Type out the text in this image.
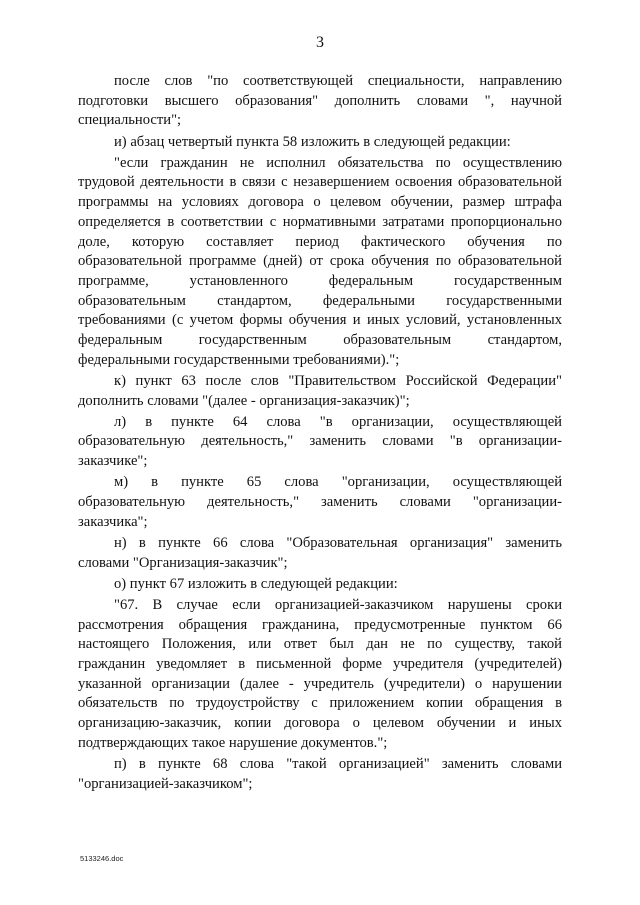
3
после слов "по соответствующей специальности, направлению
подготовки высшего образования" дополнить словами ", научной
специальности";
и) абзац четвертый пункта 58 изложить в следующей редакции:
"если гражданин не исполнил обязательства по осуществлению
трудовой деятельности в связи с незавершением освоения образовательной
программы на условиях договора о целевом обучении, размер штрафа
определяется в соответствии с нормативными затратами пропорционально
доле, которую составляет период фактического обучения по
образовательной программе (дней) от срока обучения по образовательной
программе, установленного федеральным государственным
образовательным стандартом, федеральными государственными
требованиями (с учетом формы обучения и иных условий, установленных
федеральным государственным образовательным стандартом,
федеральными государственными требованиями).";
к) пункт 63 после слов "Правительством Российской Федерации"
дополнить словами "(далее - организация-заказчик)";
л) в пункте 64 слова "в организации, осуществляющей
образовательную деятельность," заменить словами "в организации-
заказчике";
м) в пункте 65 слова "организации, осуществляющей
образовательную деятельность," заменить словами "организации-
заказчика";
н) в пункте 66 слова "Образовательная организация" заменить
словами "Организация-заказчик";
о) пункт 67 изложить в следующей редакции:
"67. В случае если организацией-заказчиком нарушены сроки
рассмотрения обращения гражданина, предусмотренные пунктом 66
настоящего Положения, или ответ был дан не по существу, такой
гражданин уведомляет в письменной форме учредителя (учредителей)
указанной организации (далее - учредитель (учредители) о нарушении
обязательств по трудоустройству с приложением копии обращения в
организацию-заказчик, копии договора о целевом обучении и иных
подтверждающих такое нарушение документов.";
п) в пункте 68 слова "такой организацией" заменить словами
"организацией-заказчиком";
5133246.doc
